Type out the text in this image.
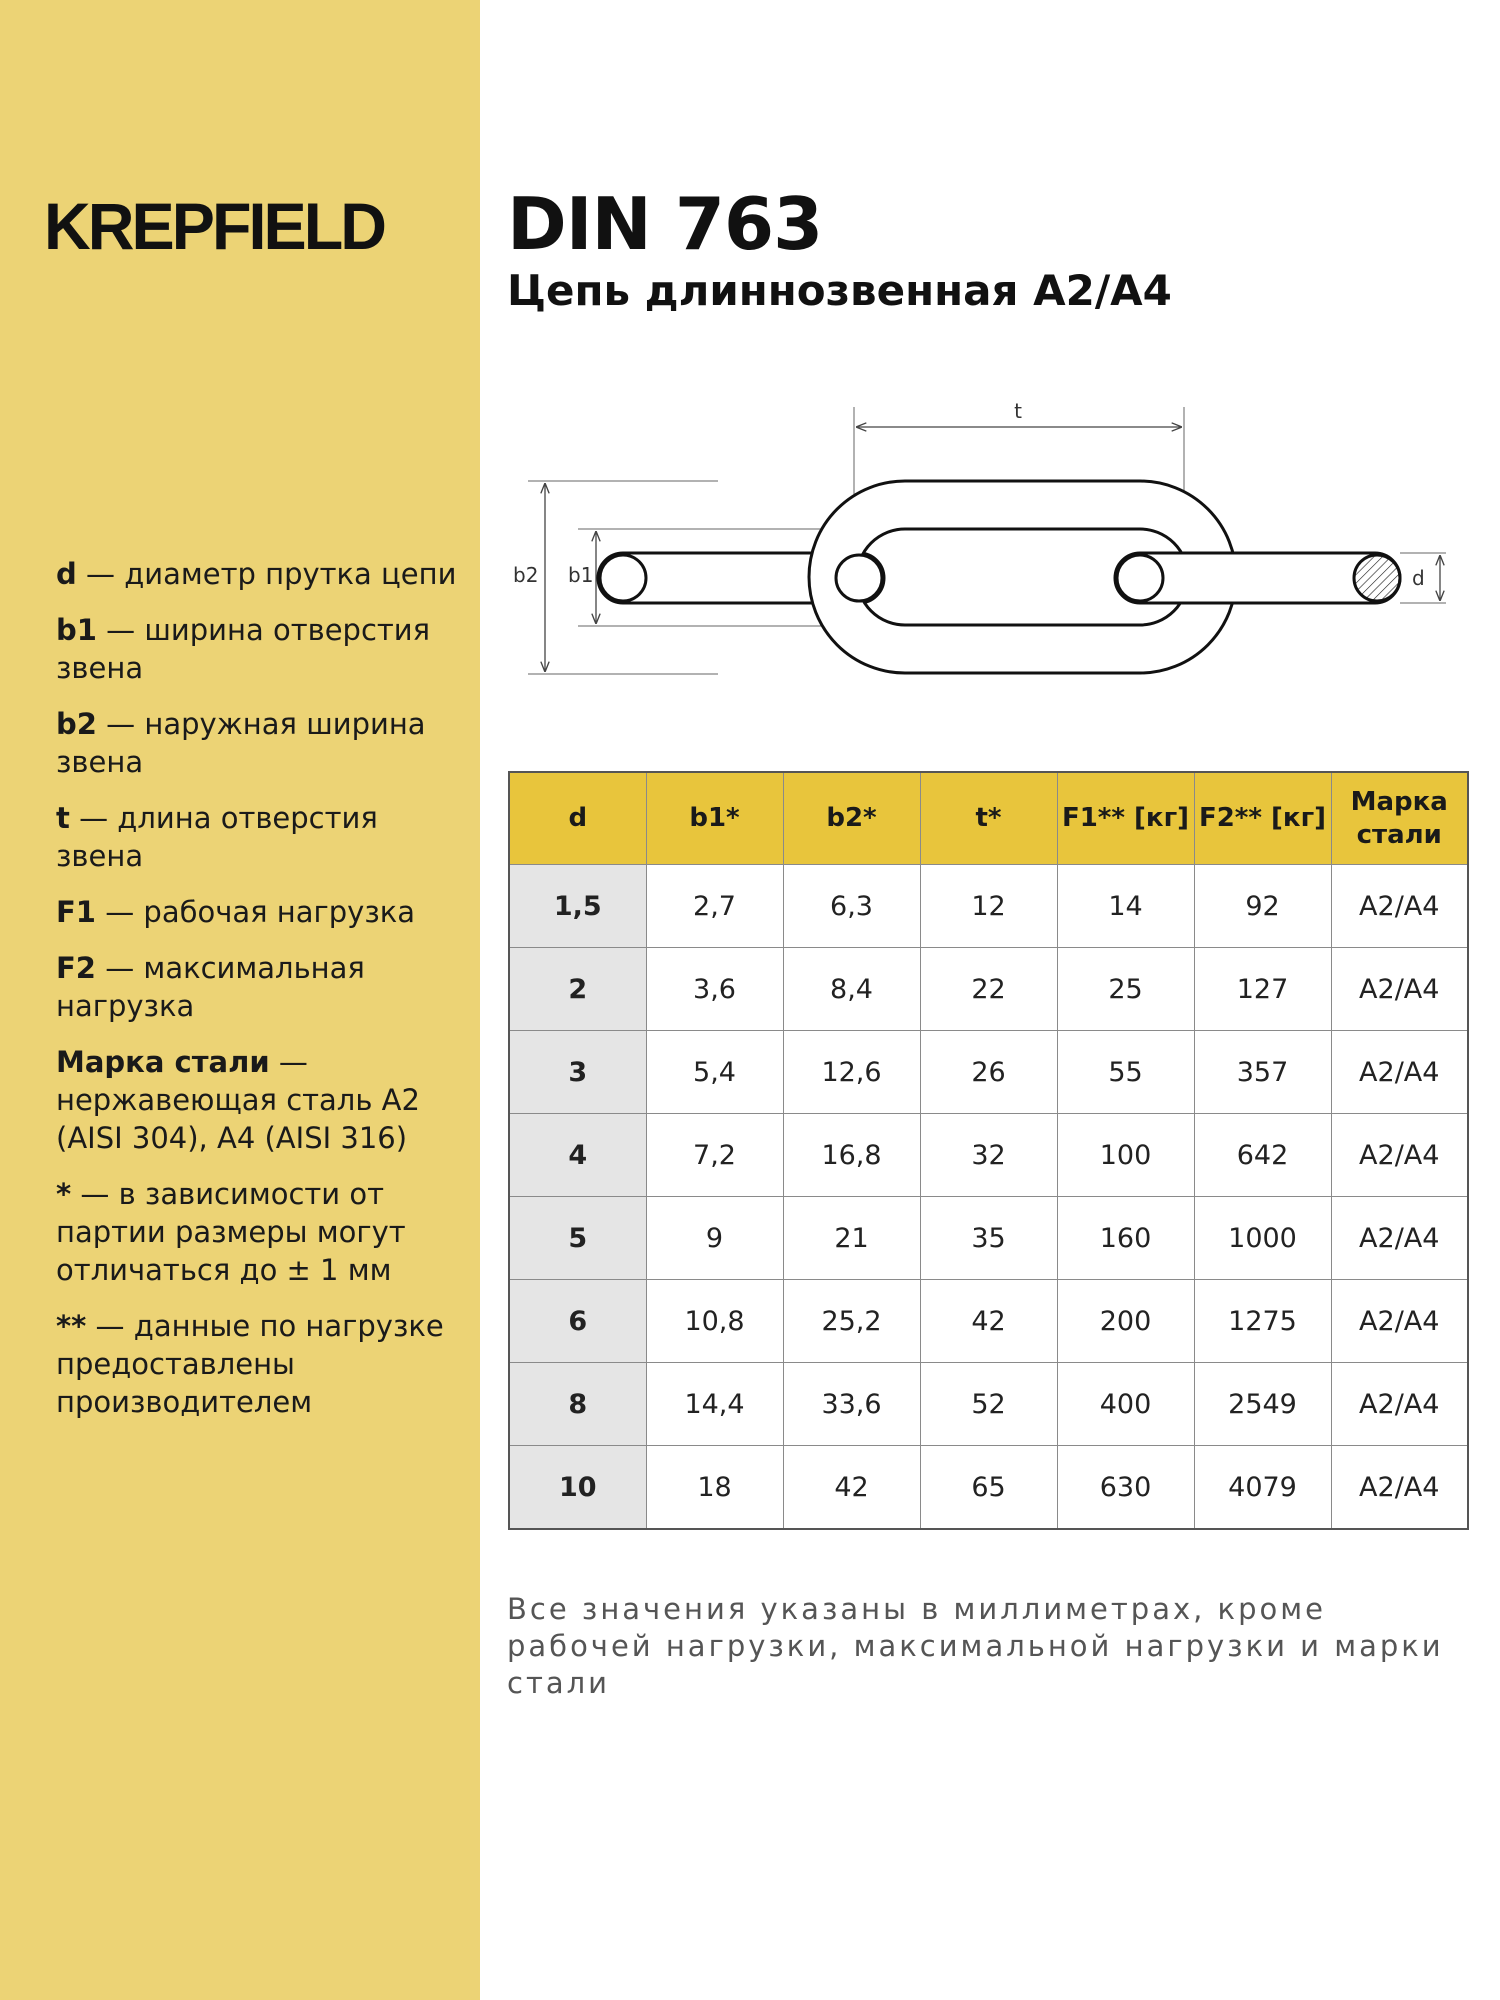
KREPFIELD
d — диаметр прутка цепи
b1 — ширина отверстия звена
b2 — наружная ширина звена
t — длина отверстия звена
F1 — рабочая нагрузка
F2 — максимальная нагрузка
Марка стали — нержавеющая сталь A2 (AISI 304), A4 (AISI 316)
* — в зависимости от партии размеры могут отличаться до ± 1 мм
** — данные по нагрузке предоставлены производителем
DIN 763
Цепь длиннозвенная A2/A4
t
b2 b1	d
d	b1*	b2*	t*	F1** [кг]	F2** [кг]	Марка стали
1,5	2,7	6,3	12	14	92	A2/A4
2	3,6	8,4	22	25	127	A2/A4
3	5,4	12,6	26	55	357	A2/A4
4	7,2	16,8	32	100	642	A2/A4
5	9	21	35	160	1000	A2/A4
6	10,8	25,2	42	200	1275	A2/A4
8	14,4	33,6	52	400	2549	A2/A4
10	18	42	65	630	4079	A2/A4
Все значения указаны в миллиметрах, кроме рабочей нагрузки, максимальной нагрузки и марки стали
